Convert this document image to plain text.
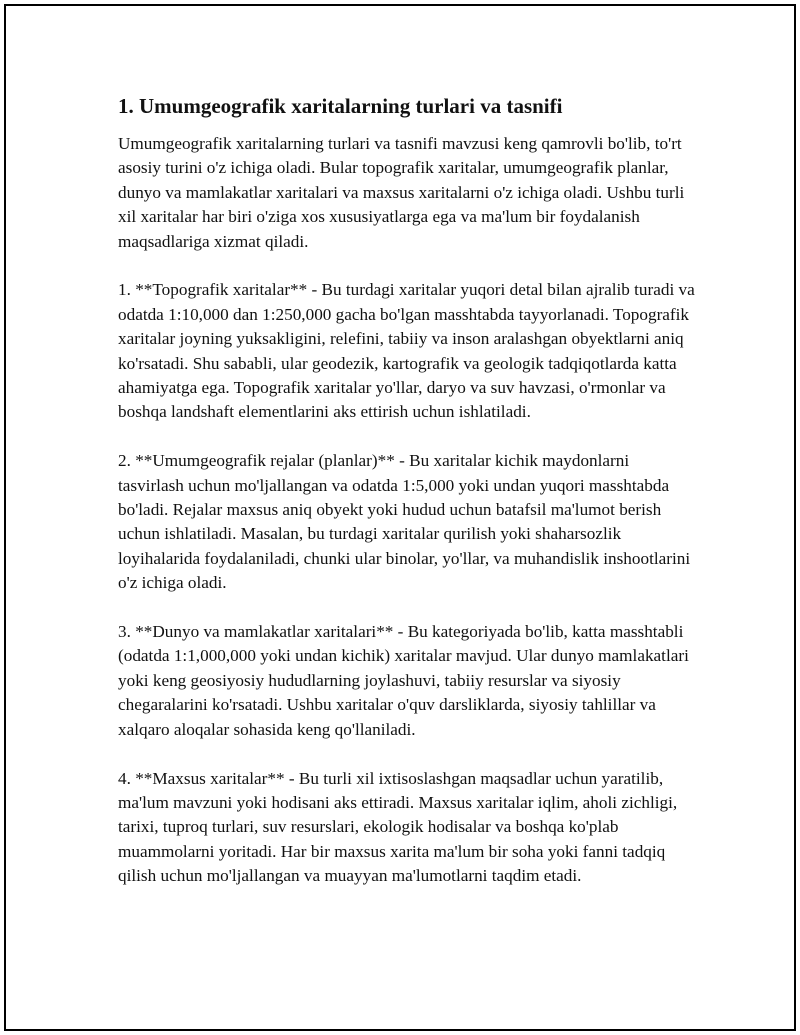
1. Umumgeografik xaritalarning turlari va tasnifi

Umumgeografik xaritalarning turlari va tasnifi mavzusi keng qamrovli bo'lib, to'rt asosiy turini o'z ichiga oladi. Bular topografik xaritalar, umumgeografik planlar, dunyo va mamlakatlar xaritalari va maxsus xaritalarni o'z ichiga oladi. Ushbu turli xil xaritalar har biri o'ziga xos xususiyatlarga ega va ma'lum bir foydalanish maqsadlariga xizmat qiladi.

1. **Topografik xaritalar** - Bu turdagi xaritalar yuqori detal bilan ajralib turadi va odatda 1:10,000 dan 1:250,000 gacha bo'lgan masshtabda tayyorlanadi. Topografik xaritalar joyning yuksakligini, relefini, tabiiy va inson aralashgan obyektlarni aniq ko'rsatadi. Shu sababli, ular geodezik, kartografik va geologik tadqiqotlarda katta ahamiyatga ega. Topografik xaritalar yo'llar, daryo va suv havzasi, o'rmonlar va boshqa landshaft elementlarini aks ettirish uchun ishlatiladi.

2. **Umumgeografik rejalar (planlar)** - Bu xaritalar kichik maydonlarni tasvirlash uchun mo'ljallangan va odatda 1:5,000 yoki undan yuqori masshtabda bo'ladi. Rejalar maxsus aniq obyekt yoki hudud uchun batafsil ma'lumot berish uchun ishlatiladi. Masalan, bu turdagi xaritalar qurilish yoki shaharsozlik loyihalarida foydalaniladi, chunki ular binolar, yo'llar, va muhandislik inshootlarini o'z ichiga oladi.

3. **Dunyo va mamlakatlar xaritalari** - Bu kategoriyada bo'lib, katta masshtabli (odatda 1:1,000,000 yoki undan kichik) xaritalar mavjud. Ular dunyo mamlakatlari yoki keng geosiyosiy hududlarning joylashuvi, tabiiy resurslar va siyosiy chegaralarini ko'rsatadi. Ushbu xaritalar o'quv darsliklarda, siyosiy tahlillar va xalqaro aloqalar sohasida keng qo'llaniladi.

4. **Maxsus xaritalar** - Bu turli xil ixtisoslashgan maqsadlar uchun yaratilib, ma'lum mavzuni yoki hodisani aks ettiradi. Maxsus xaritalar iqlim, aholi zichligi, tarixi, tuproq turlari, suv resurslari, ekologik hodisalar va boshqa ko'plab muammolarni yoritadi. Har bir maxsus xarita ma'lum bir soha yoki fanni tadqiq qilish uchun mo'ljallangan va muayyan ma'lumotlarni taqdim etadi.
